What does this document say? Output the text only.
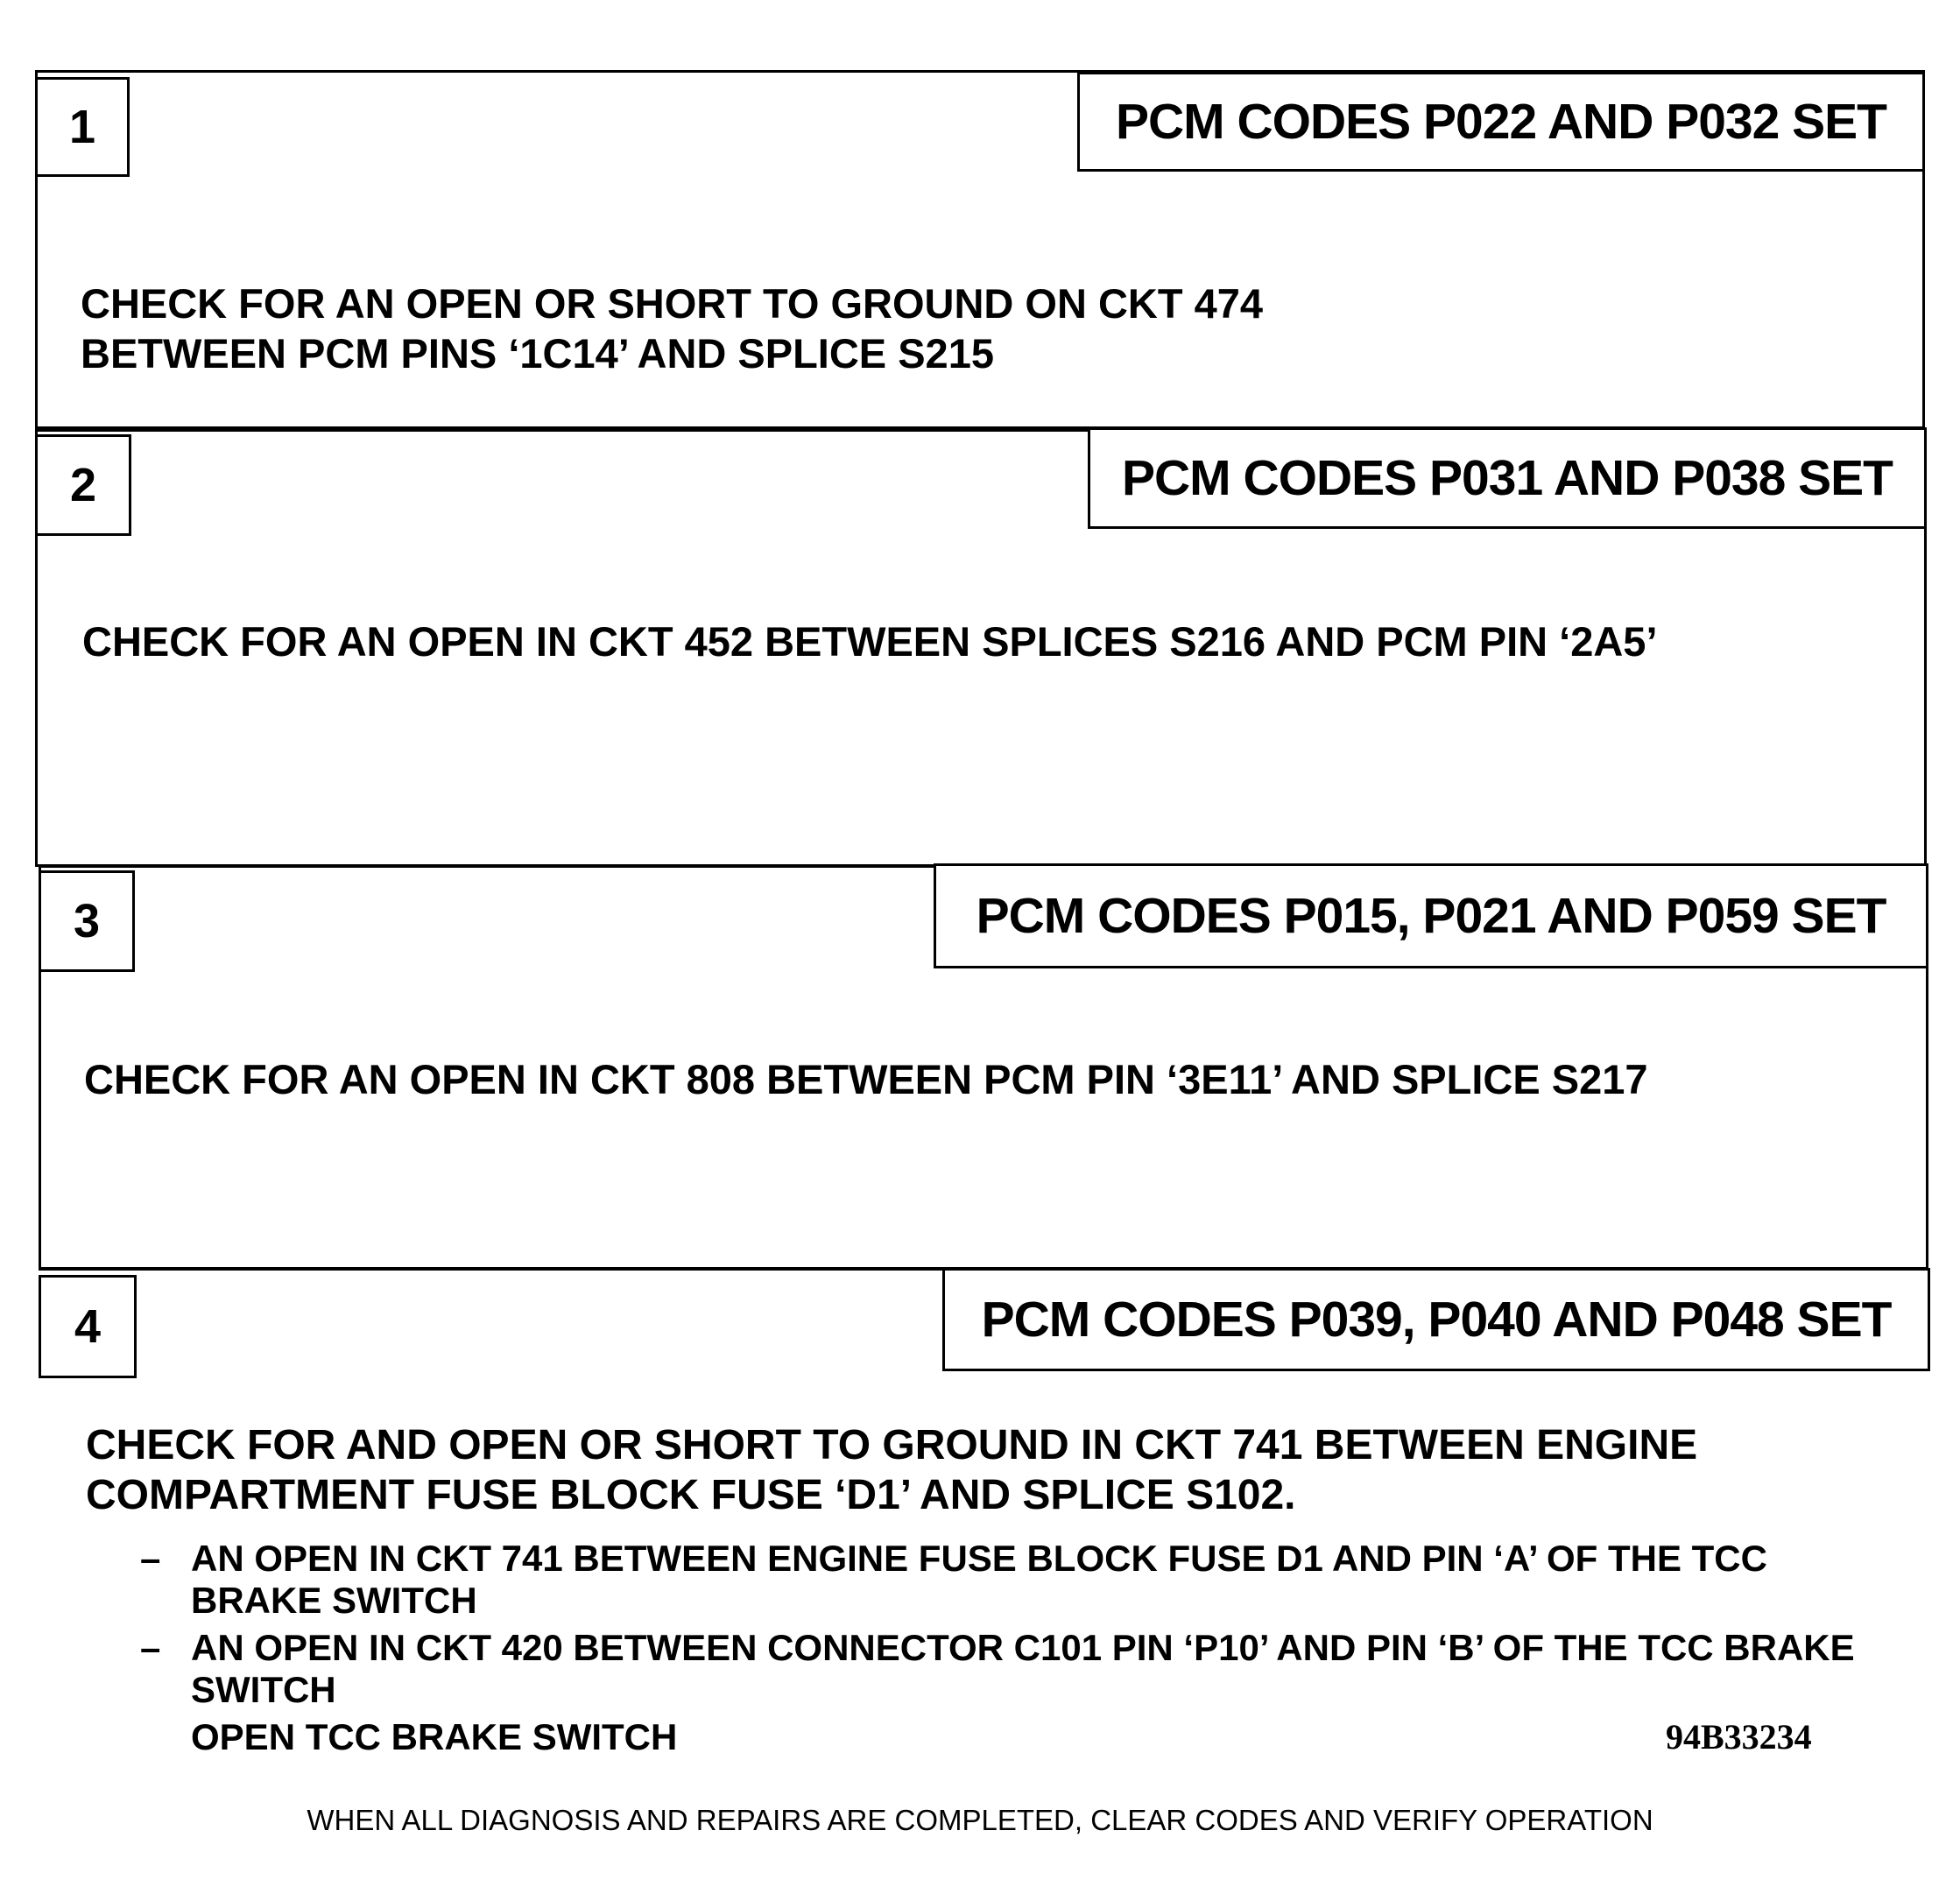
1	PCM CODES P022 AND P032 SET
CHECK FOR AN OPEN OR SHORT TO GROUND ON CKT 474
BETWEEN PCM PINS ‘1C14’ AND SPLICE S215
2	PCM CODES P031 AND P038 SET
CHECK FOR AN OPEN IN CKT 452 BETWEEN SPLICES S216 AND PCM PIN ‘2A5’
3	PCM CODES P015, P021 AND P059 SET
CHECK FOR AN OPEN IN CKT 808 BETWEEN PCM PIN ‘3E11’ AND SPLICE S217
4	PCM CODES P039, P040 AND P048 SET
CHECK FOR AND OPEN OR SHORT TO GROUND IN CKT 741 BETWEEN ENGINE
COMPARTMENT FUSE BLOCK FUSE ‘D1’ AND SPLICE S102.
– AN OPEN IN CKT 741 BETWEEN ENGINE FUSE BLOCK FUSE D1 AND PIN ‘A’ OF THE TCC
BRAKE SWITCH
– AN OPEN IN CKT 420 BETWEEN CONNECTOR C101 PIN ‘P10’ AND PIN ‘B’ OF THE TCC BRAKE
SWITCH
OPEN TCC BRAKE SWITCH	94B33234
WHEN ALL DIAGNOSIS AND REPAIRS ARE COMPLETED, CLEAR CODES AND VERIFY OPERATION
